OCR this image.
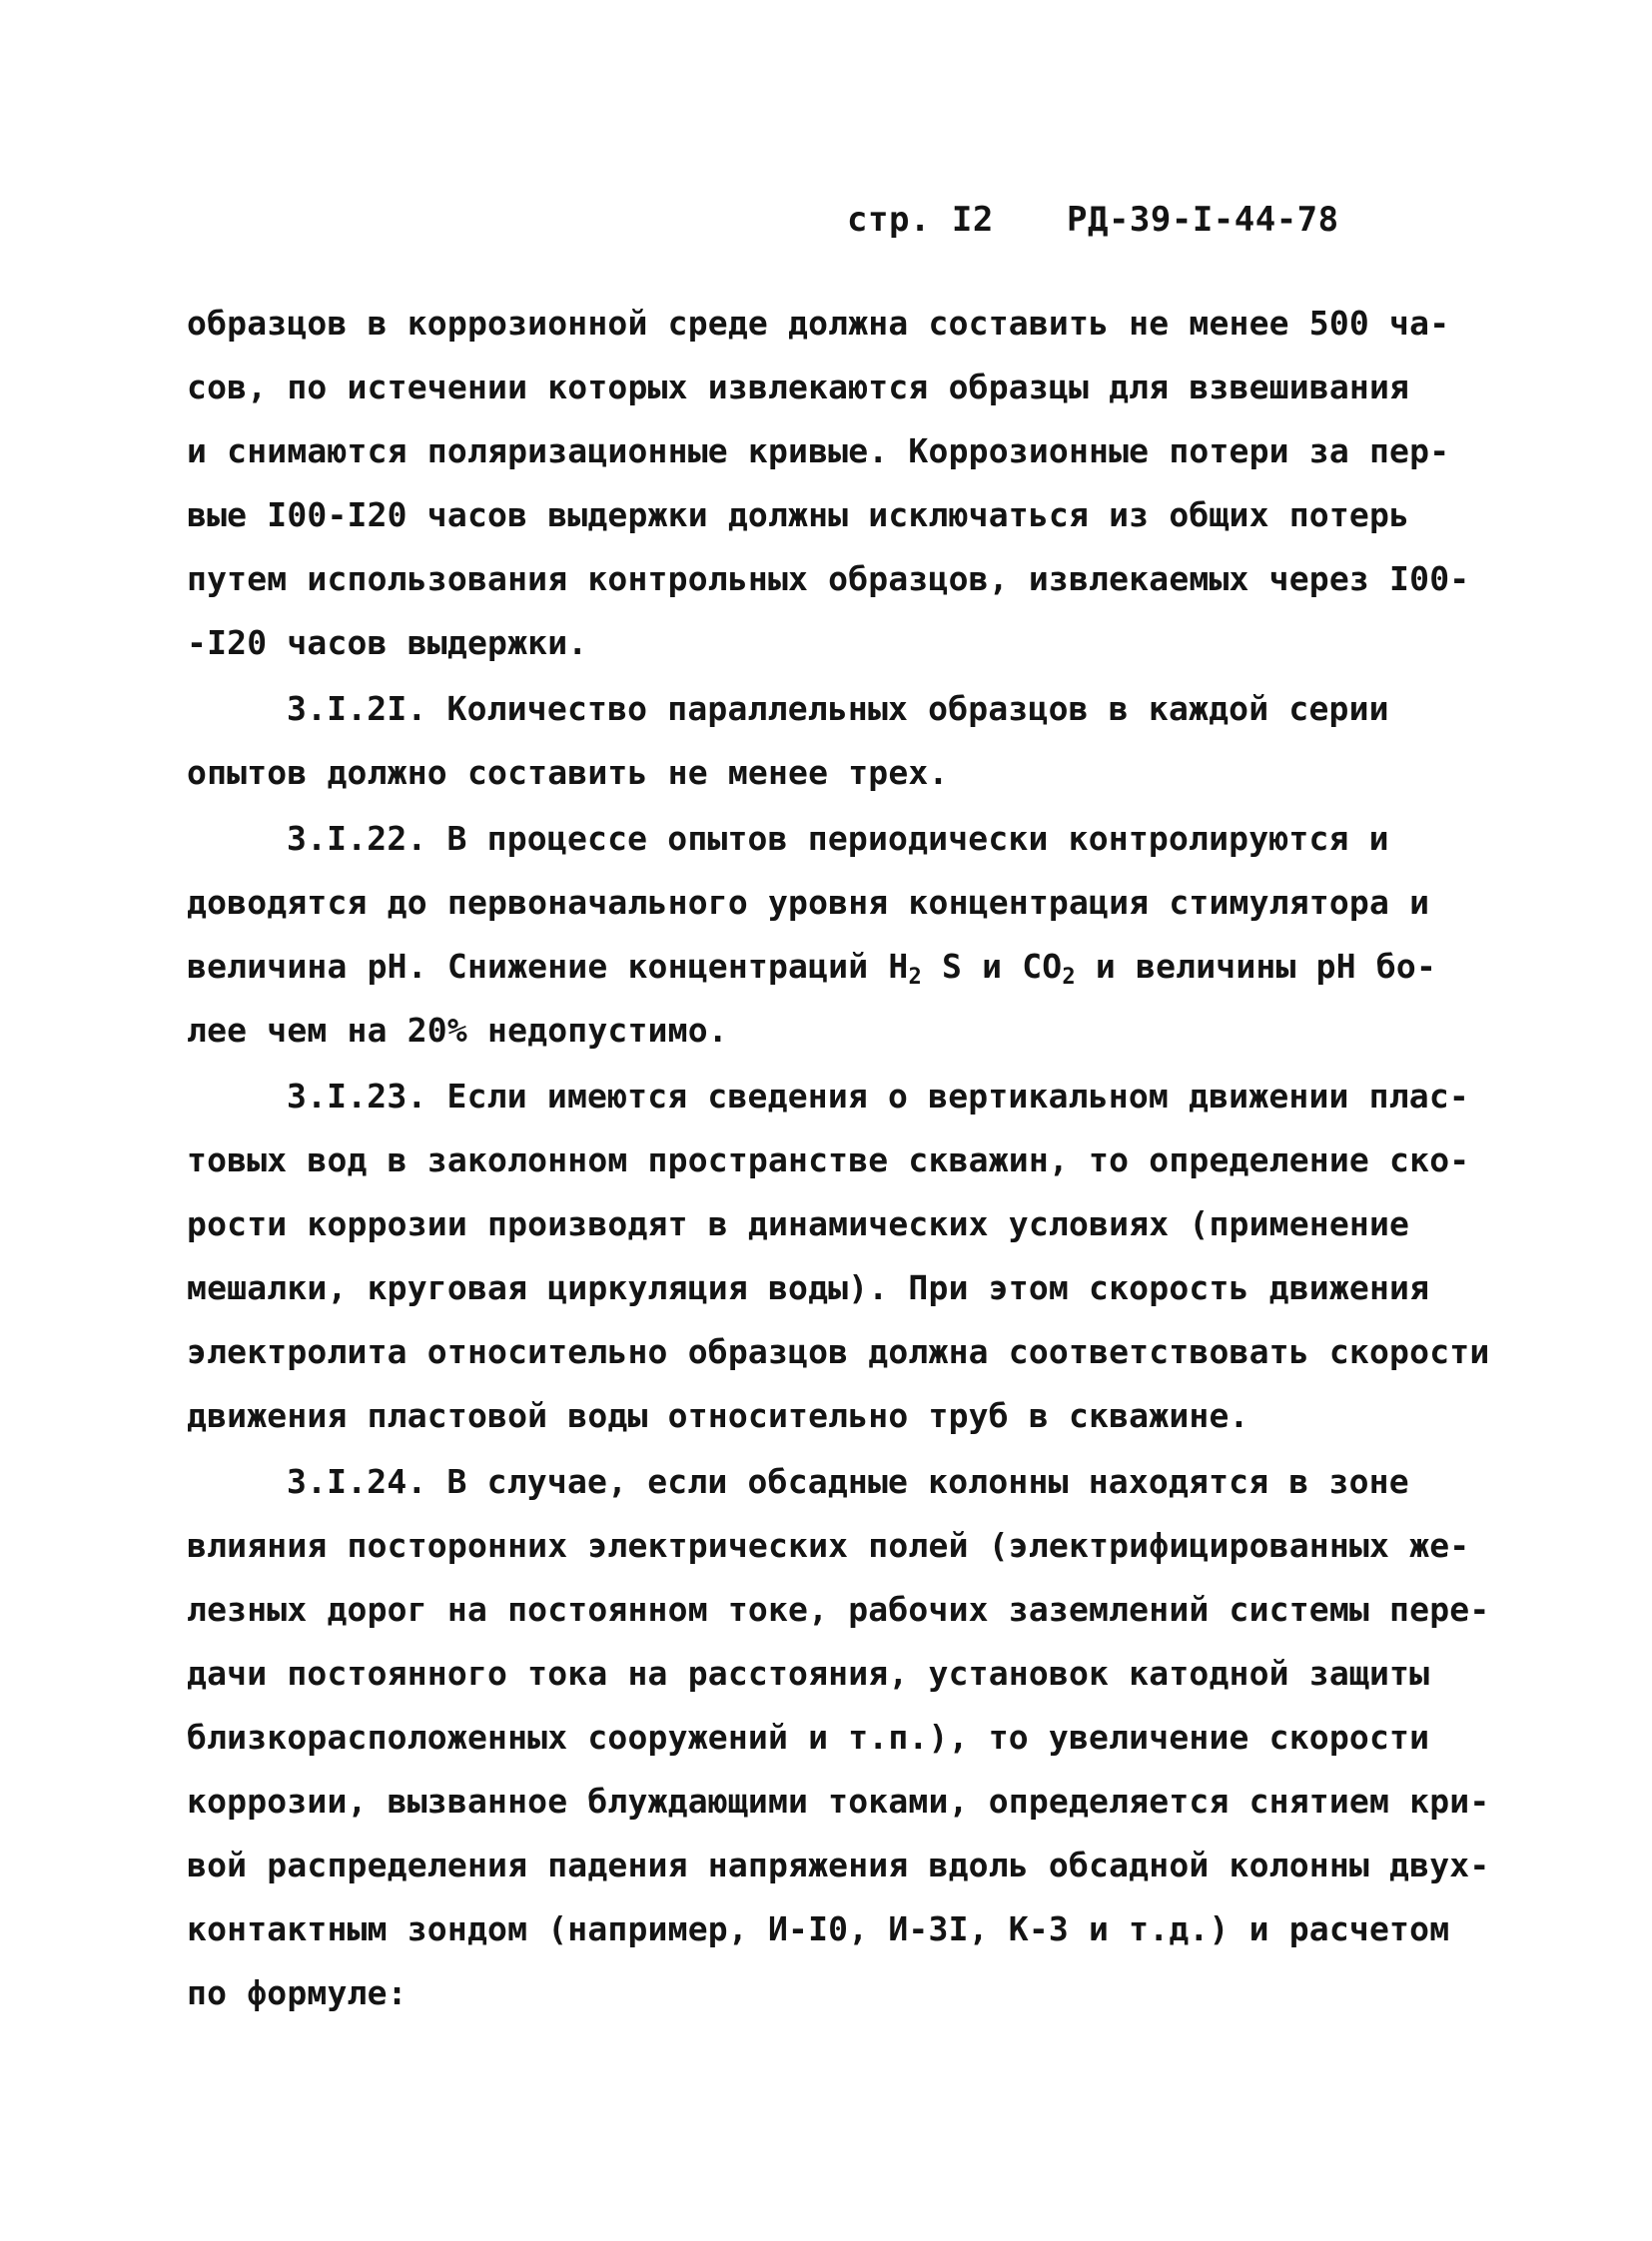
стр. I2 РД-39-I-44-78
образцов в коррозионной среде должна составить не менее 500 ча-
сов, по истечении которых извлекаются образцы для взвешивания
и снимаются поляризационные кривые. Коррозионные потери за пер-
вые I00-I20 часов выдержки должны исключаться из общих потерь
путем использования контрольных образцов, извлекаемых через I00-
-I20 часов выдержки.
3.I.2I. Количество параллельных образцов в каждой серии
опытов должно составить не менее трех.
3.I.22. В процессе опытов периодически контролируются и
доводятся до первоначального уровня концентрация стимулятора и
величина рН. Снижение концентраций $Н_2$ S и $СО_2$ и величины рН бо-
лее чем на 20% недопустимо.
3.I.23. Если имеются сведения о вертикальном движении плас-
товых вод в заколонном пространстве скважин, то определение ско-
рости коррозии производят в динамических условиях (применение
мешалки, круговая циркуляция воды). При этом скорость движения
электролита относительно образцов должна соответствовать скорости
движения пластовой воды относительно труб в скважине.
3.I.24. В случае, если обсадные колонны находятся в зоне
влияния посторонних электрических полей (электрифицированных же-
лезных дорог на постоянном токе, рабочих заземлений системы пере-
дачи постоянного тока на расстояния, установок катодной защиты
близкорасположенных сооружений и т.п.), то увеличение скорости
коррозии, вызванное блуждающими токами, определяется снятием кри-
вой распределения падения напряжения вдоль обсадной колонны двух-
контактным зондом (например, И-I0, И-3I, К-3 и т.д.) и расчетом
по формуле:
